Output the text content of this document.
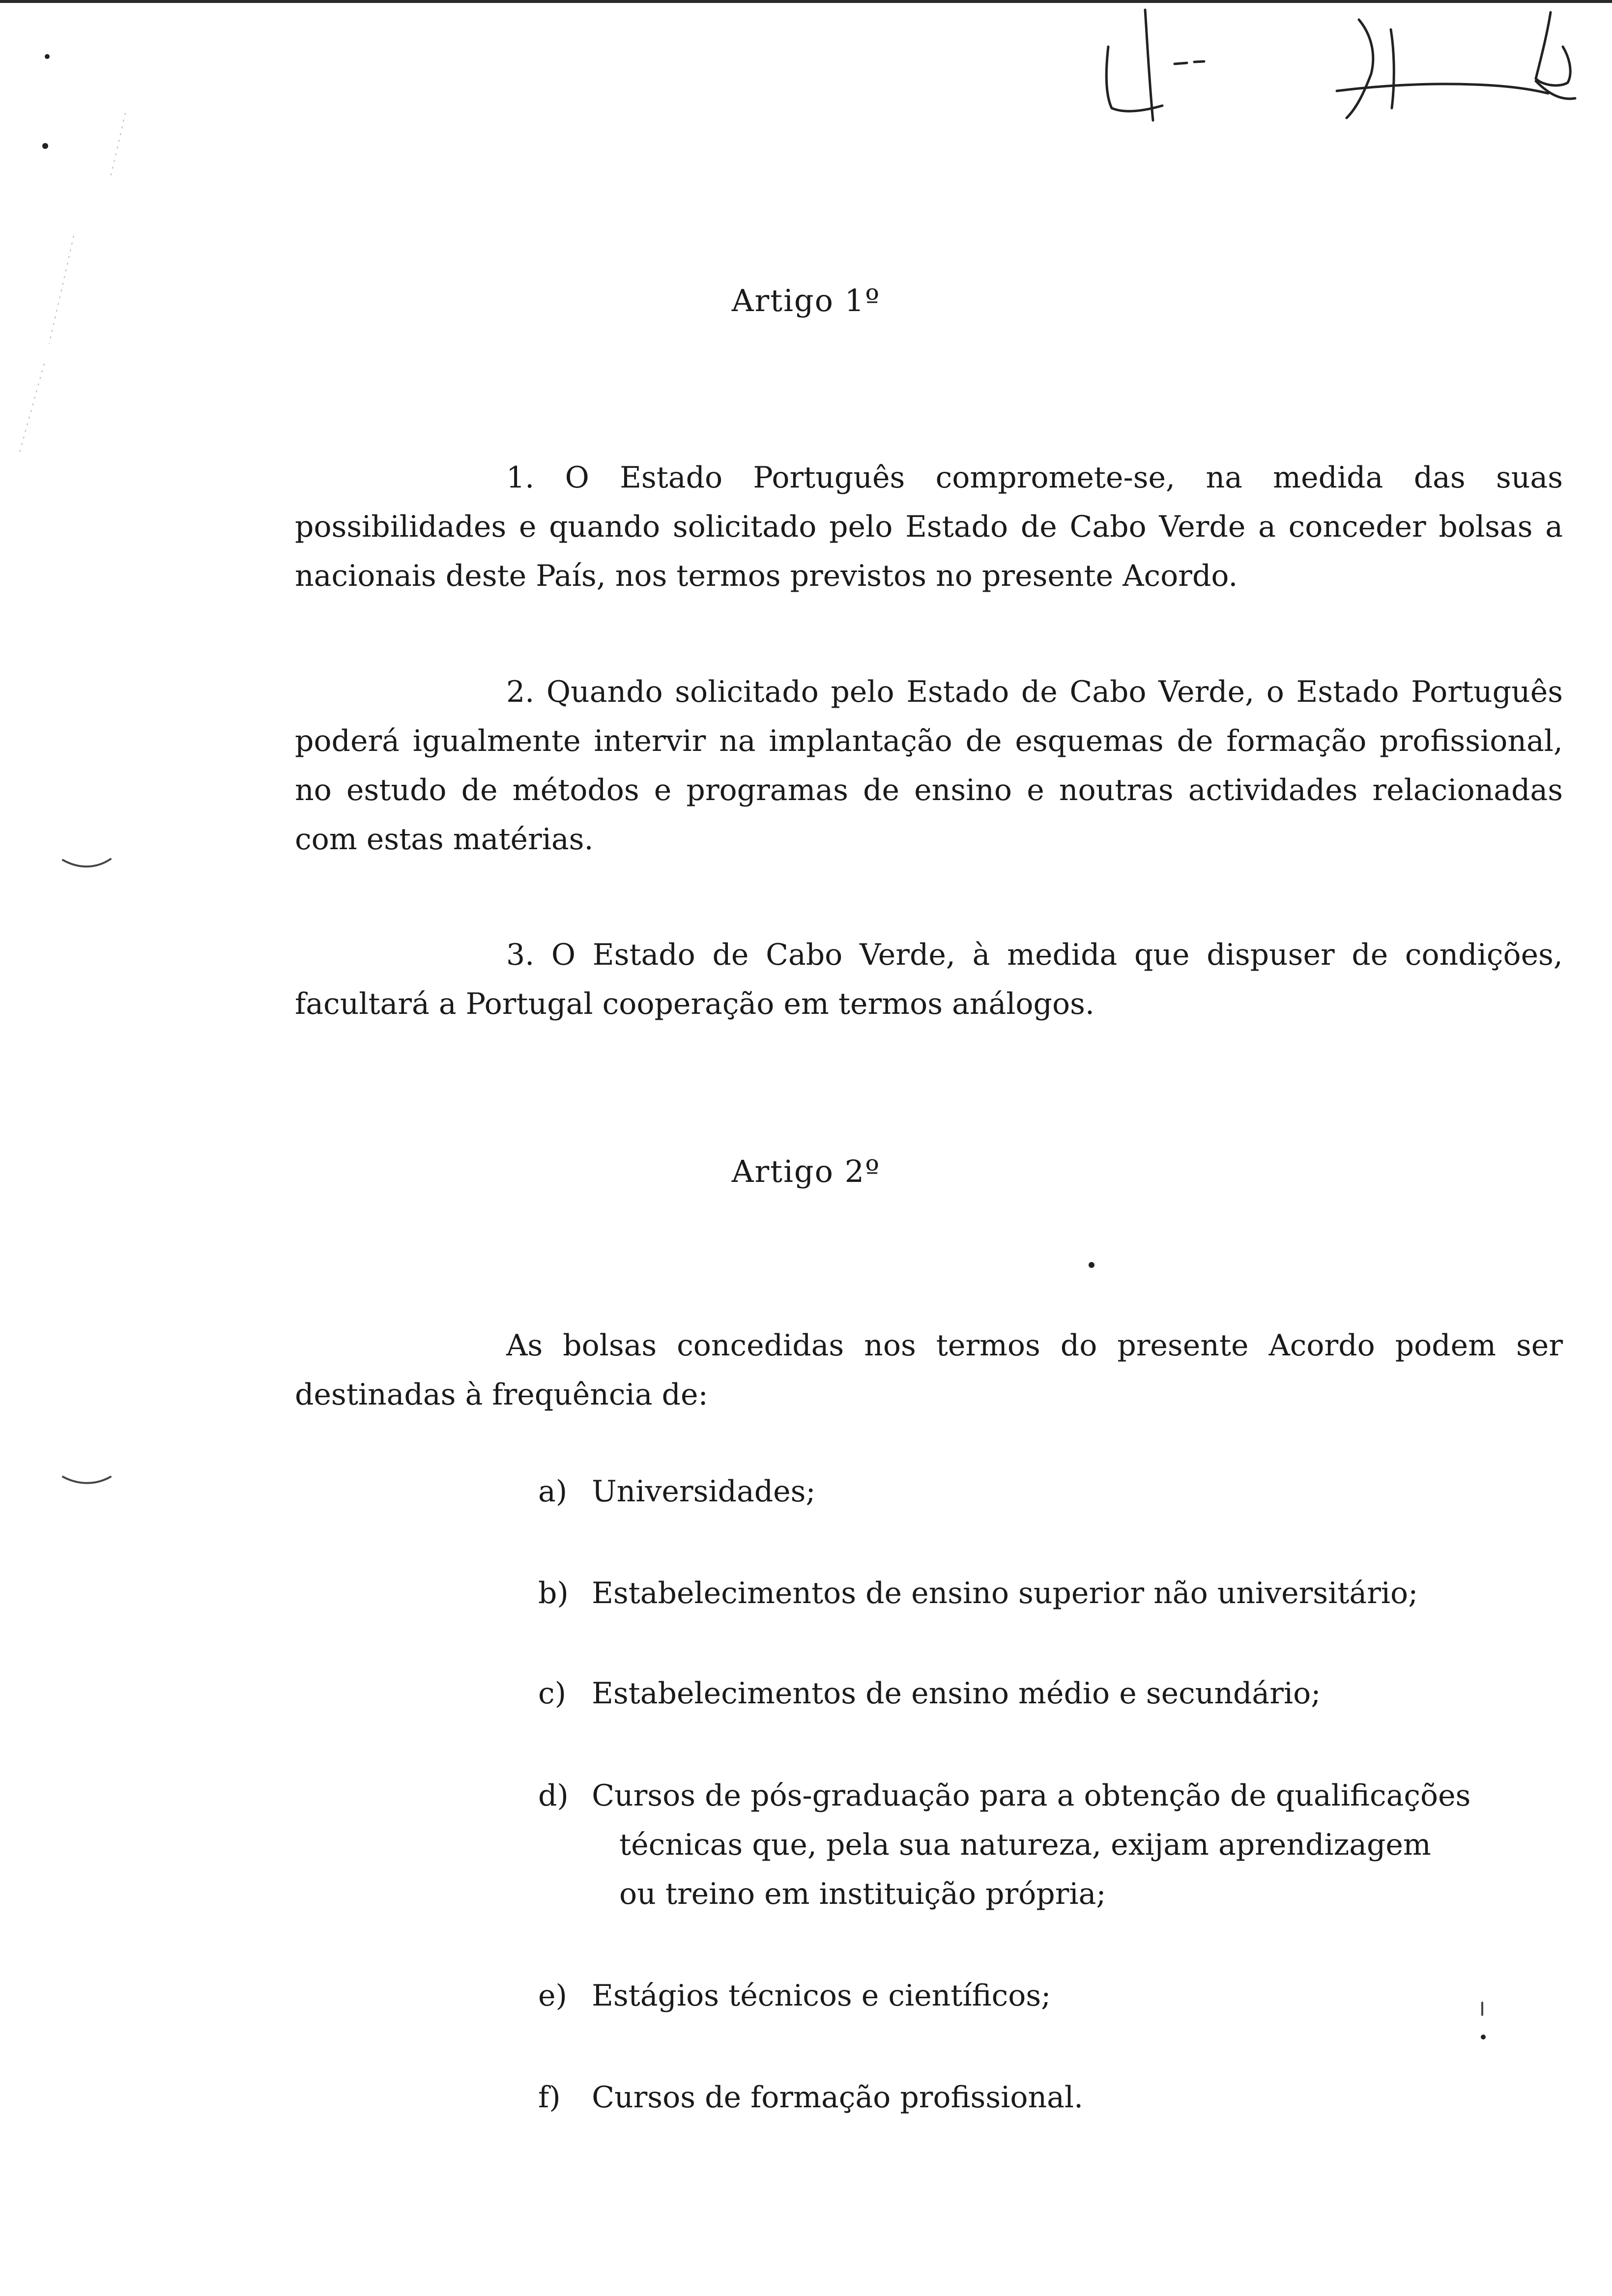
Artigo 1º

1. O Estado Português compromete-se, na medida das suas possibilidades e quando solicitado pelo Estado de Cabo Verde a conceder bolsas a nacionais deste País, nos termos previstos no presente Acordo.

2. Quando solicitado pelo Estado de Cabo Verde, o Estado Português poderá igualmente intervir na implantação de esquemas de formação profissional, no estudo de métodos e programas de ensino e noutras actividades relacionadas com estas matérias.

3. O Estado de Cabo Verde, à medida que dispuser de condições, facultará a Portugal cooperação em termos análogos.

Artigo 2º

As bolsas concedidas nos termos do presente Acordo podem ser destinadas à frequência de:

a) Universidades;

b) Estabelecimentos de ensino superior não universitário;

c) Estabelecimentos de ensino médio e secundário;

d) Cursos de pós-graduação para a obtenção de qualificações
técnicas que, pela sua natureza, exijam aprendizagem
ou treino em instituição própria;

e) Estágios técnicos e científicos;

f) Cursos de formação profissional.
